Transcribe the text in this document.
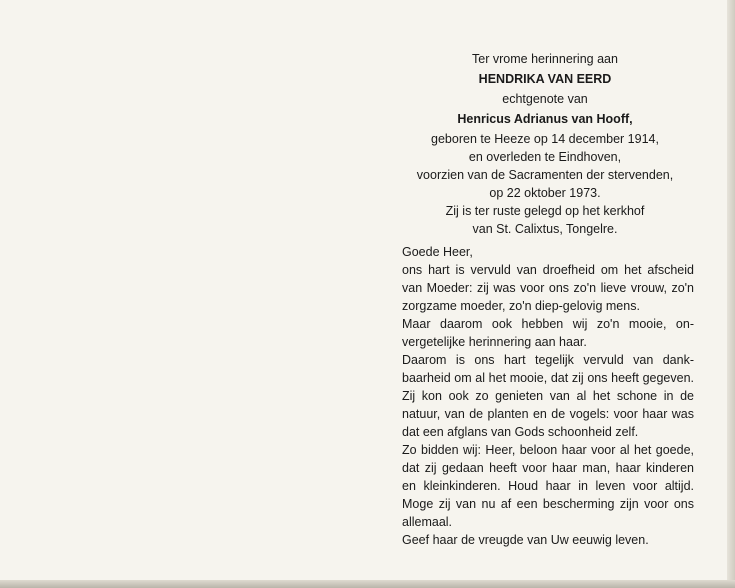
Ter vrome herinnering aan
HENDRIKA VAN EERD
echtgenote van
Henricus Adrianus van Hooff,
geboren te Heeze op 14 december 1914,
en overleden te Eindhoven,
voorzien van de Sacramenten der stervenden,
op 22 oktober 1973.
Zij is ter ruste gelegd op het kerkhof
van St. Calixtus, Tongelre.

Goede Heer,

ons hart is vervuld van droefheid om het afscheid van Moeder: zij was voor ons zo'n lieve vrouw, zo'n zorgzame moeder, zo'n diep-gelovig mens.

Maar daarom ook hebben wij zo'n mooie, on-vergetelijke herinnering aan haar.

Daarom is ons hart tegelijk vervuld van dank-baarheid om al het mooie, dat zij ons heeft gegeven. Zij kon ook zo genieten van al het schone in de natuur, van de planten en de vogels: voor haar was dat een afglans van Gods schoonheid zelf.

Zo bidden wij: Heer, beloon haar voor al het goede, dat zij gedaan heeft voor haar man, haar kinderen en kleinkinderen. Houd haar in leven voor altijd. Moge zij van nu af een bescherming zijn voor ons allemaal.

Geef haar de vreugde van Uw eeuwig leven.
